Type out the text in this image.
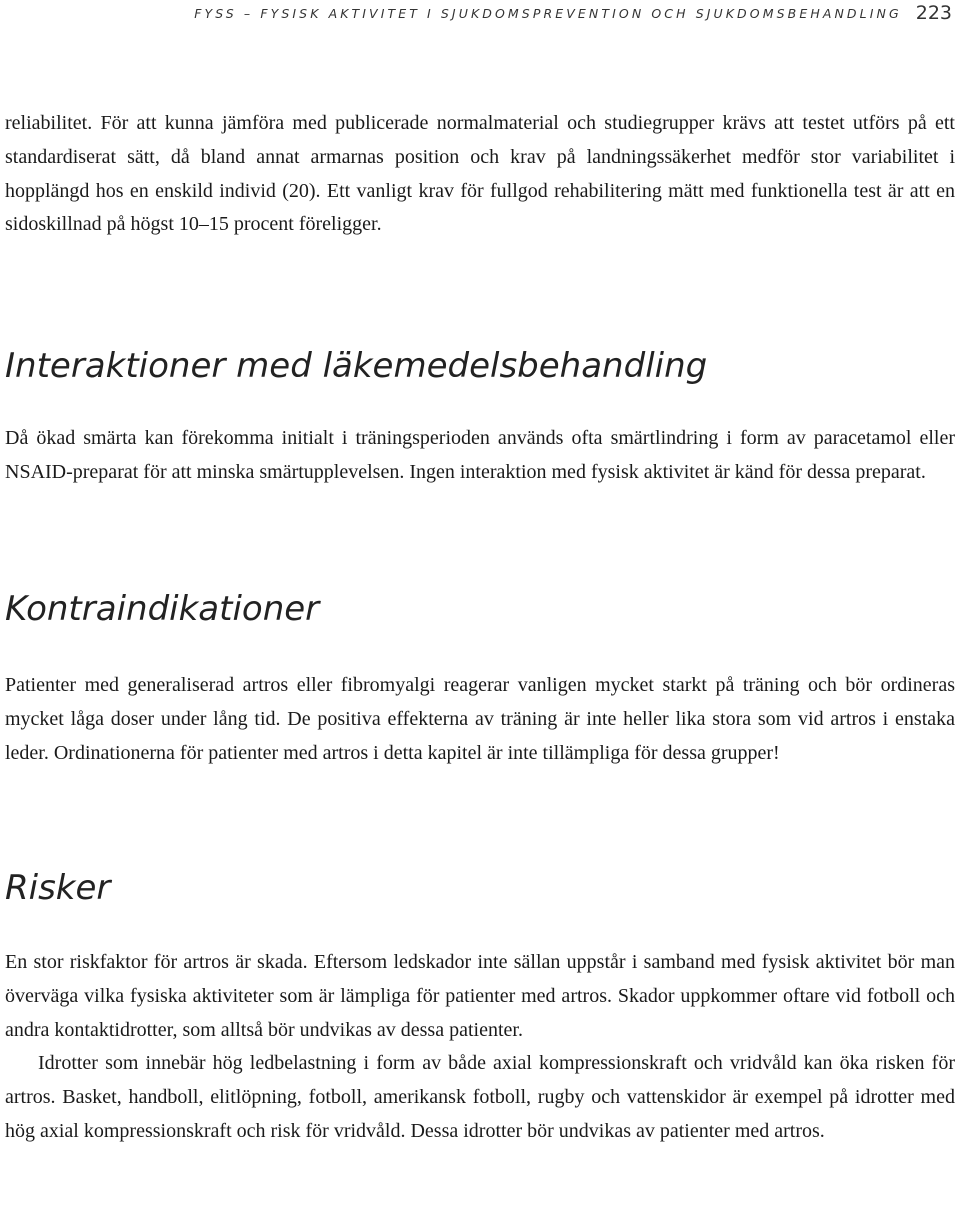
FYSS – FYSISK AKTIVITET I SJUKDOMSPREVENTION OCH SJUKDOMSBEHANDLING 223

reliabilitet. För att kunna jämföra med publicerade normalmaterial och studiegrupper krävs att testet utförs på ett standardiserat sätt, då bland annat armarnas position och krav på landningssäkerhet medför stor variabilitet i hopplängd hos en enskild individ (20). Ett vanligt krav för fullgod rehabilitering mätt med funktionella test är att en sidoskillnad på högst 10–15 procent föreligger.

Interaktioner med läkemedelsbehandling

Då ökad smärta kan förekomma initialt i träningsperioden används ofta smärtlindring i form av paracetamol eller NSAID-preparat för att minska smärtupplevelsen. Ingen interaktion med fysisk aktivitet är känd för dessa preparat.

Kontraindikationer

Patienter med generaliserad artros eller fibromyalgi reagerar vanligen mycket starkt på träning och bör ordineras mycket låga doser under lång tid. De positiva effekterna av träning är inte heller lika stora som vid artros i enstaka leder. Ordinationerna för patienter med artros i detta kapitel är inte tillämpliga för dessa grupper!

Risker

En stor riskfaktor för artros är skada. Eftersom ledskador inte sällan uppstår i samband med fysisk aktivitet bör man överväga vilka fysiska aktiviteter som är lämpliga för patienter med artros. Skador uppkommer oftare vid fotboll och andra kontaktidrotter, som alltså bör undvikas av dessa patienter.

Idrotter som innebär hög ledbelastning i form av både axial kompressionskraft och vridvåld kan öka risken för artros. Basket, handboll, elitlöpning, fotboll, amerikansk fotboll, rugby och vattenskidor är exempel på idrotter med hög axial kompressionskraft och risk för vridvåld. Dessa idrotter bör undvikas av patienter med artros.
